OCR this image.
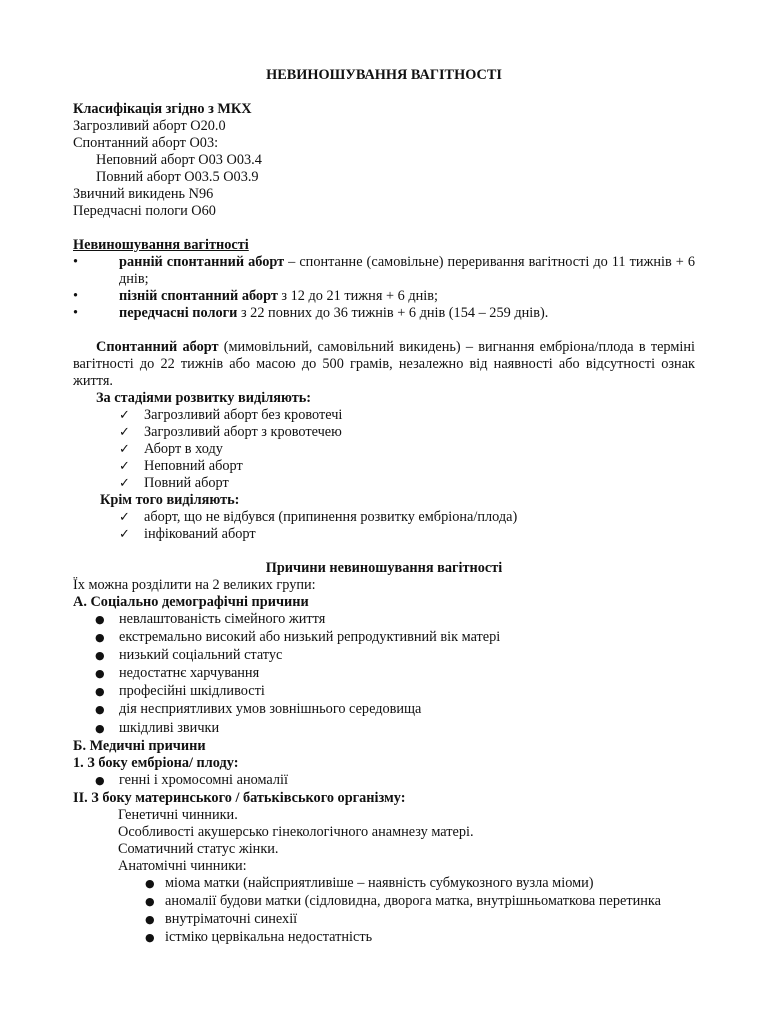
НЕВИНОШУВАННЯ ВАГІТНОСТІ
Класифікація згідно з МКХ
Загрозливий аборт О20.0
Спонтанний аборт О03:
Неповний аборт О03 О03.4
Повний аборт О03.5 О03.9
Звичний викидень N96
Передчасні пологи О60
Невиношування вагітності
•	ранній спонтанний аборт – спонтанне (самовільне) переривання вагітності до 11 тижнів + 6 днів;
•	пізній спонтанний аборт з 12 до 21 тижня + 6 днів;
•	передчасні пологи з 22 повних до 36 тижнів + 6 днів (154 – 259 днів).
Спонтанний аборт (мимовільний, самовільний викидень) – вигнання ембріона/плода в терміні вагітності до 22 тижнів або масою до 500 грамів, незалежно від наявності або відсутності ознак життя.
За стадіями розвитку виділяють:
✓ Загрозливий аборт без кровотечі
✓ Загрозливий аборт з кровотечею
✓ Аборт в ходу
✓ Неповний аборт
✓ Повний аборт
Крім того виділяють:
✓ аборт, що не відбувся (припинення розвитку ембріона/плода)
✓ інфікований аборт
Причини невиношування вагітності
Їх можна розділити на 2 великих групи:
А. Соціально демографічні причини
●	невлаштованість сімейного життя
●	екстремально високий або низький репродуктивний вік матері
●	низький соціальний статус
●	недостатнє харчування
●	професійні шкідливості
●	дія несприятливих умов зовнішнього середовища
●	шкідливі звички
Б. Медичні причини
1. З боку ембріона/ плоду:
●	генні і хромосомні аномалії
ІІ. З боку материнського / батьківського організму:
Генетичні чинники.
Особливості акушерсько гінекологічного анамнезу матері.
Соматичний статус жінки.
Анатомічні чинники:
● міома матки (найсприятливіше – наявність субмукозного вузла міоми)
● аномалії будови матки (сідловидна, дворога матка, внутрішньоматкова перетинка
● внутріматочні синехії
● істміко цервікальна недостатність
